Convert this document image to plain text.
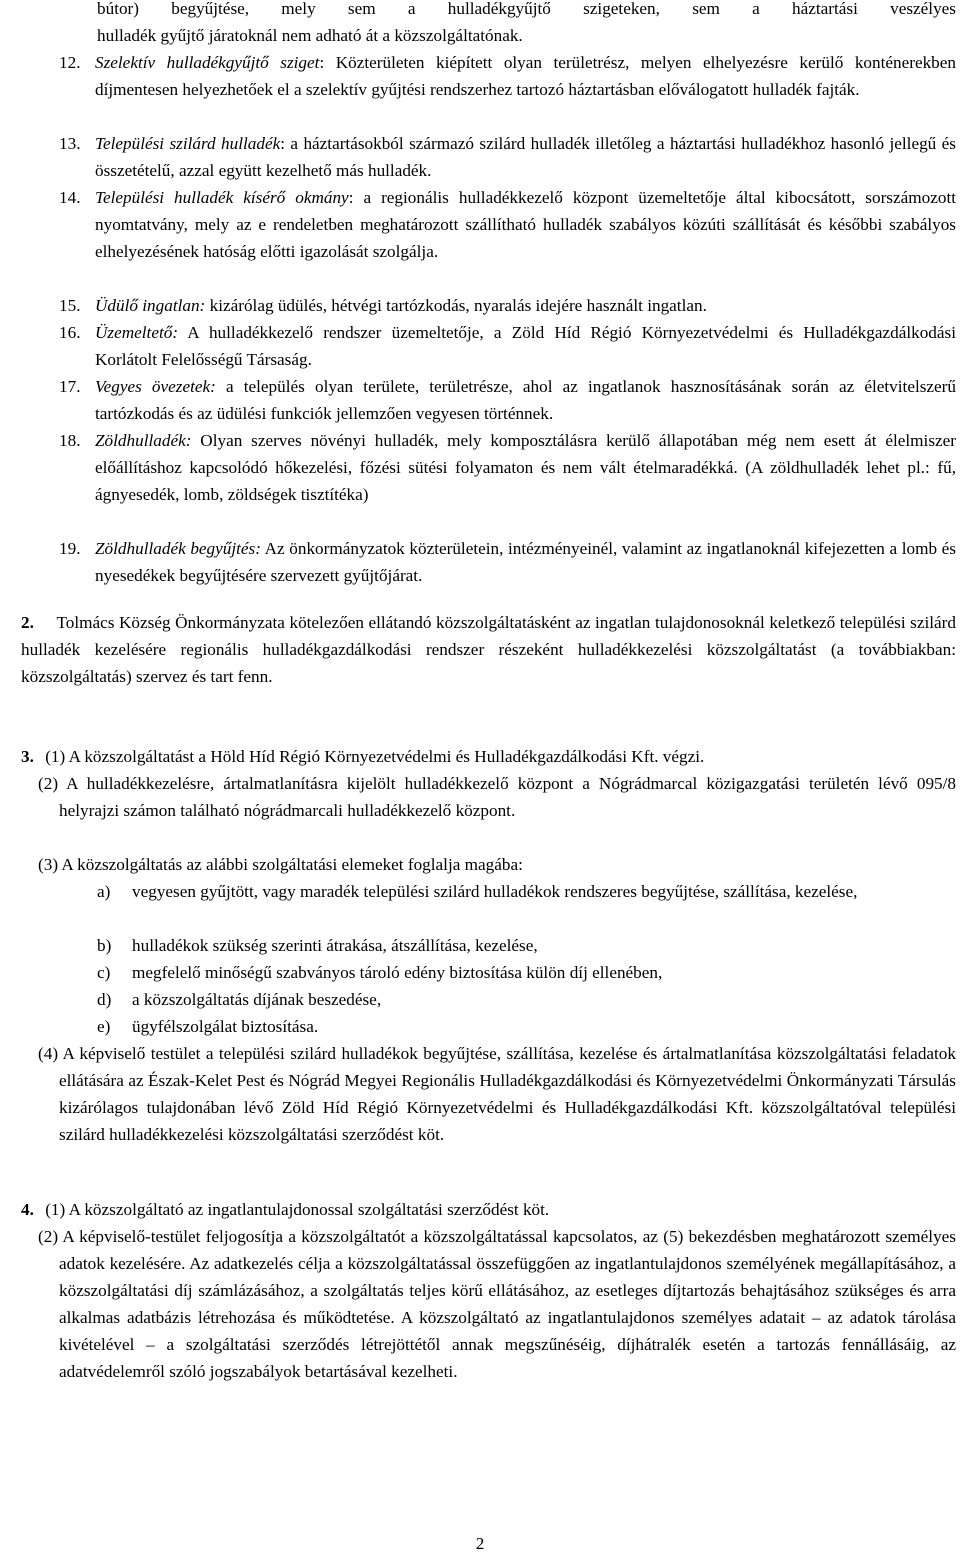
bútor) begyűjtése, mely sem a hulladékgyűjtő szigeteken, sem a háztartási veszélyes

hulladék gyűjtő járatoknál nem adható át a közszolgáltatónak.

12. Szelektív hulladékgyűjtő sziget: Közterületen kiépített olyan területrész, melyen elhelyezésre kerülő konténerekben díjmentesen helyezhetőek el a szelektív gyűjtési rendszerhez tartozó háztartásban előválogatott hulladék fajták.
13. Települési szilárd hulladék: a háztartásokból származó szilárd hulladék illetőleg a háztartási hulladékhoz hasonló jellegű és összetételű, azzal együtt kezelhető más hulladék.
14. Települési hulladék kísérő okmány: a regionális hulladékkezelő központ üzemeltetője által kibocsátott, sorszámozott nyomtatvány, mely az e rendeletben meghatározott szállítható hulladék szabályos közúti szállítását és későbbi szabályos elhelyezésének hatóság előtti igazolását szolgálja.
15. Üdülő ingatlan: kizárólag üdülés, hétvégi tartózkodás, nyaralás idejére használt ingatlan.
16. Üzemeltető: A hulladékkezelő rendszer üzemeltetője, a Zöld Híd Régió Környezetvédelmi és Hulladékgazdálkodási Korlátolt Felelősségű Társaság.
17. Vegyes övezetek: a település olyan területe, területrésze, ahol az ingatlanok hasznosításának során az életvitelszerű tartózkodás és az üdülési funkciók jellemzően vegyesen történnek.
18. Zöldhulladék: Olyan szerves növényi hulladék, mely komposztálásra kerülő állapotában még nem esett át élelmiszer előállításhoz kapcsolódó hőkezelési, főzési sütési folyamaton és nem vált ételmaradékká. (A zöldhulladék lehet pl.: fű, ágnyesedék, lomb, zöldségek tisztítéka)
19. Zöldhulladék begyűjtés: Az önkormányzatok közterületein, intézményeinél, valamint az ingatlanoknál kifejezetten a lomb és nyesedékek begyűjtésére szervezett gyűjtőjárat.
2. Tolmács Község Önkormányzata kötelezően ellátandó közszolgáltatásként az ingatlan tulajdonosoknál keletkező települési szilárd hulladék kezelésére regionális hulladékgazdálkodási rendszer részeként hulladékkezelési közszolgáltatást (a továbbiakban: közszolgáltatás) szervez és tart fenn.
3. (1) A közszolgáltatást a Höld Híd Régió Környezetvédelmi és Hulladékgazdálkodási Kft. végzi.
(2) A hulladékkezelésre, ártalmatlanításra kijelölt hulladékkezelő központ a Nógrádmarcal közigazgatási területén lévő 095/8 helyrajzi számon található nógrádmarcali hulladékkezelő központ.
(3) A közszolgáltatás az alábbi szolgáltatási elemeket foglalja magába:
a)	vegyesen gyűjtött, vagy maradék települési szilárd hulladékok rendszeres begyűjtése, szállítása, kezelése,
b)	hulladékok szükség szerinti átrakása, átszállítása, kezelése,
c)	megfelelő minőségű szabványos tároló edény biztosítása külön díj ellenében,
d)	a közszolgáltatás díjának beszedése,
e)	ügyfélszolgálat biztosítása.
(4) A képviselő testület a települési szilárd hulladékok begyűjtése, szállítása, kezelése és ártalmatlanítása közszolgáltatási feladatok ellátására az Észak-Kelet Pest és Nógrád Megyei Regionális Hulladékgazdálkodási és Környezetvédelmi Önkormányzati Társulás kizárólagos tulajdonában lévő Zöld Híd Régió Környezetvédelmi és Hulladékgazdálkodási Kft. közszolgáltatóval települési szilárd hulladékkezelési közszolgáltatási szerződést köt.
4. (1) A közszolgáltató az ingatlantulajdonossal szolgáltatási szerződést köt.
(2) A képviselő-testület feljogosítja a közszolgáltatót a közszolgáltatással kapcsolatos, az (5) bekezdésben meghatározott személyes adatok kezelésére. Az adatkezelés célja a közszolgáltatással összefüggően az ingatlantulajdonos személyének megállapításához, a közszolgáltatási díj számlázásához, a szolgáltatás teljes körű ellátásához, az esetleges díjtartozás behajtásához szükséges és arra alkalmas adatbázis létrehozása és működtetése. A közszolgáltató az ingatlantulajdonos személyes adatait – az adatok tárolása kivételével – a szolgáltatási szerződés létrejöttétől annak megszűnéséig, díjhátralék esetén a tartozás fennállásáig, az adatvédelemről szóló jogszabályok betartásával kezelheti.
2
